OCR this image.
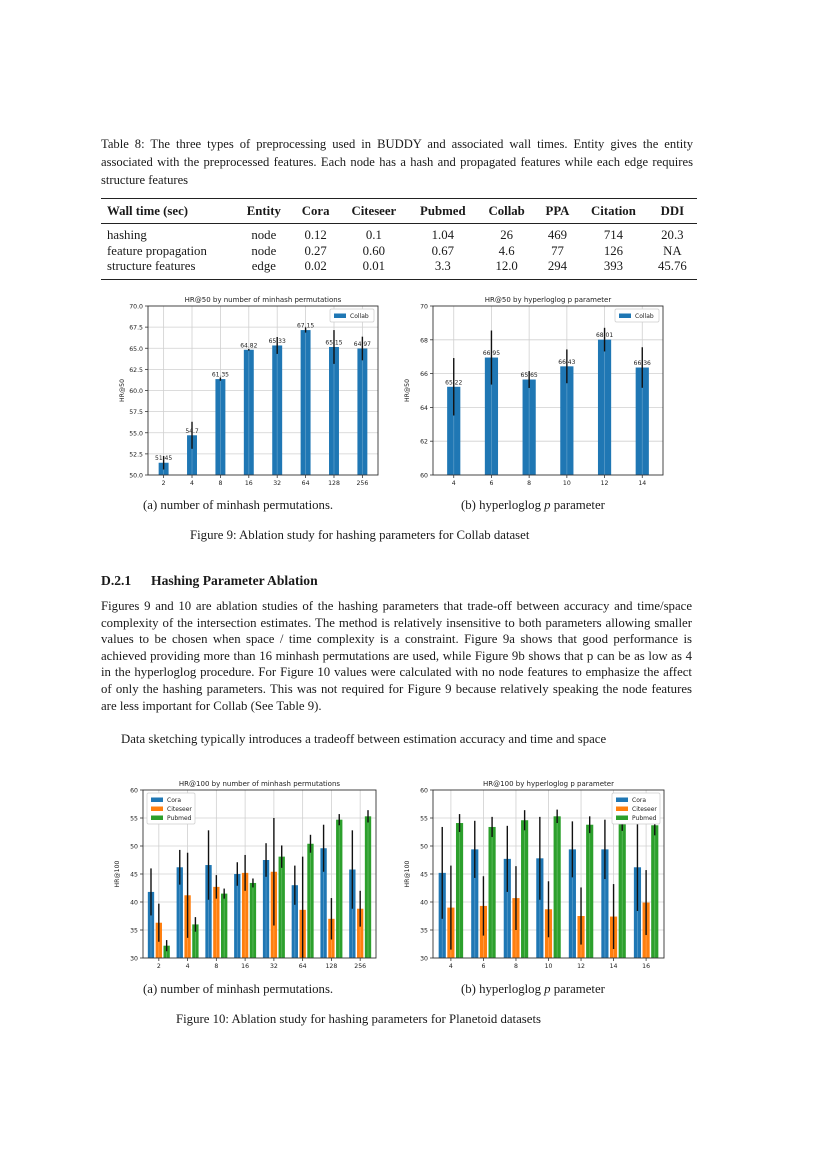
Table 8: The three types of preprocessing used in BUDDY and associated wall times. Entity gives the entity associated with the preprocessed features. Each node has a hash and propagated features while each edge requires structure features
Wall time (sec)	Entity	Cora	Citeseer	Pubmed	Collab	PPA	Citation	DDI
hashing	node	0.12	0.1	1.04	26	469	714	20.3
feature propagation	node	0.27	0.60	0.67	4.6	77	126	NA
structure features	edge	0.02	0.01	3.3	12.0	294	393	45.76
50.0
52.5
55.0
57.5
60.0
62.5
65.0
67.5
70.0
2	4	8	16	32	64	128	256
51.45
54.7
61.35
64.82
65.33
67.15
65.15 64.97
HR@50 by number of minhash permutations
HR@50
Collab
60
62
64
66
68
70
4	6	8	10	12	14
65.22
66.95
65.65
66.43
68.01
66.36
HR@50 by hyperloglog p parameter
HR@50
Collab
(a) number of minhash permutations.	(b) hyperloglog p parameter
Figure 9: Ablation study for hashing parameters for Collab dataset
D.2.1 Hashing Parameter Ablation
Figures 9 and 10 are ablation studies of the hashing parameters that trade-off between accuracy and time/space complexity of the intersection estimates. The method is relatively insensitive to both parameters allowing smaller values to be chosen when space / time complexity is a constraint. Figure 9a shows that good performance is achieved providing more than 16 minhash permutations are used, while Figure 9b shows that p can be as low as 4 in the hyperloglog procedure. For Figure 10 values were calculated with no node features to emphasize the affect of only the hashing parameters. This was not required for Figure 9 because relatively speaking the node features are less important for Collab (See Table 9).
Data sketching typically introduces a tradeoff between estimation accuracy and time and space
30
35
40
45
50
55
60
2	4	8	16	32	64	128	256
HR@100 by number of minhash permutations
HR@100
Cora
Citeseer
Pubmed
30
35
40
45
50
55
60
4	6	8	10	12	14	16
HR@100 by hyperloglog p parameter
HR@100
Cora
Citeseer
Pubmed
(a) number of minhash permutations.	(b) hyperloglog p parameter
Figure 10: Ablation study for hashing parameters for Planetoid datasets
